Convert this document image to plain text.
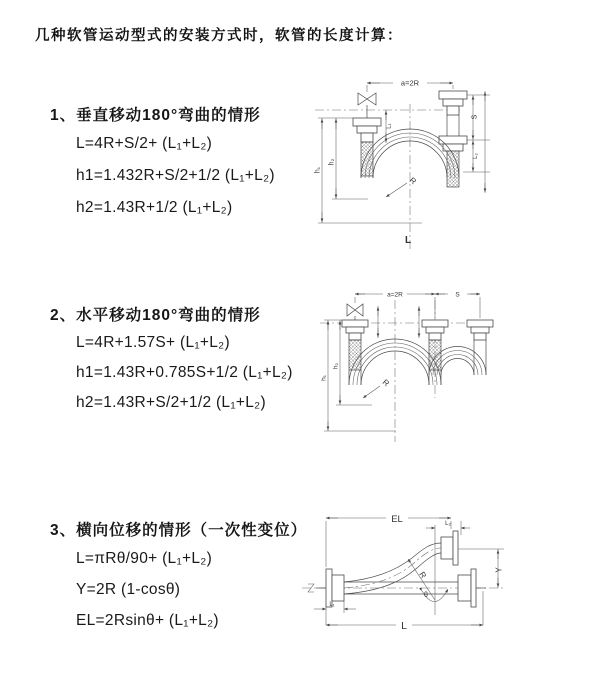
几种软管运动型式的安装方式时，软管的长度计算：
1、垂直移动180°弯曲的情形
L=4R+S/2+ (L₁+L₂)
h1=1.432R+S/2+1/2 (L₁+L₂)
h2=1.43R+1/2 (L₁+L₂)
2、水平移动180°弯曲的情形
L=4R+1.57S+ (L₁+L₂)
h1=1.43R+0.785S+1/2 (L₁+L₂)
h2=1.43R+S/2+1/2 (L₁+L₂)
3、横向位移的情形（一次性变位）
L=πRθ/90+ (L₁+L₂)
Y=2R (1-cosθ)
EL=2Rsinθ+ (L₁+L₂)
a=2R
R
h₁
h₂
L₁
S
L₂
L
a=2R	S
R
h₁
h₂
R
θ
EL	L₂
Y
L₁
L
